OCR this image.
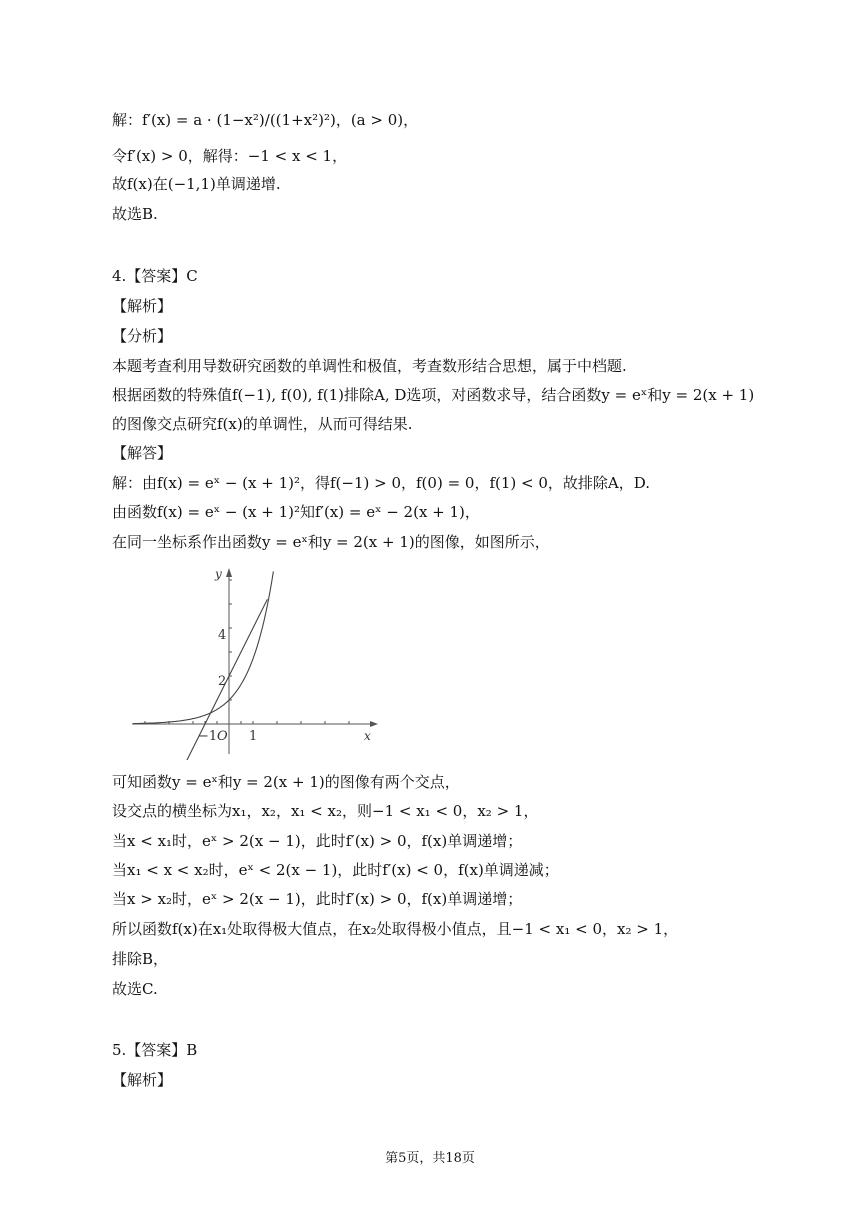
解：f′(x) = a · (1−x²)/((1+x²)²)，(a > 0)，
令f′(x) > 0，解得：−1 < x < 1，
故f(x)在(−1,1)单调递增.
故选B.
4.【答案】C
【解析】
【分析】
本题考查利用导数研究函数的单调性和极值，考查数形结合思想，属于中档题.
根据函数的特殊值f(−1), f(0), f(1)排除A, D选项，对函数求导，结合函数y = eˣ和y = 2(x + 1)
的图像交点研究f(x)的单调性，从而可得结果.
【解答】
解：由f(x) = eˣ − (x + 1)²，得f(−1) > 0，f(0) = 0，f(1) < 0，故排除A，D.
由函数f(x) = eˣ − (x + 1)²知f′(x) = eˣ − 2(x + 1)，
在同一坐标系作出函数y = eˣ和y = 2(x + 1)的图像，如图所示，
y
x
O
−1 1
2
4
可知函数y = eˣ和y = 2(x + 1)的图像有两个交点，
设交点的横坐标为x₁，x₂，x₁ < x₂，则−1 < x₁ < 0，x₂ > 1，
当x < x₁时，eˣ > 2(x − 1)，此时f′(x) > 0，f(x)单调递增；
当x₁ < x < x₂时，eˣ < 2(x − 1)，此时f′(x) < 0，f(x)单调递减；
当x > x₂时，eˣ > 2(x − 1)，此时f′(x) > 0，f(x)单调递增；
所以函数f(x)在x₁处取得极大值点，在x₂处取得极小值点，且−1 < x₁ < 0，x₂ > 1，
排除B，
故选C.
5.【答案】B
【解析】
第5页，共18页
